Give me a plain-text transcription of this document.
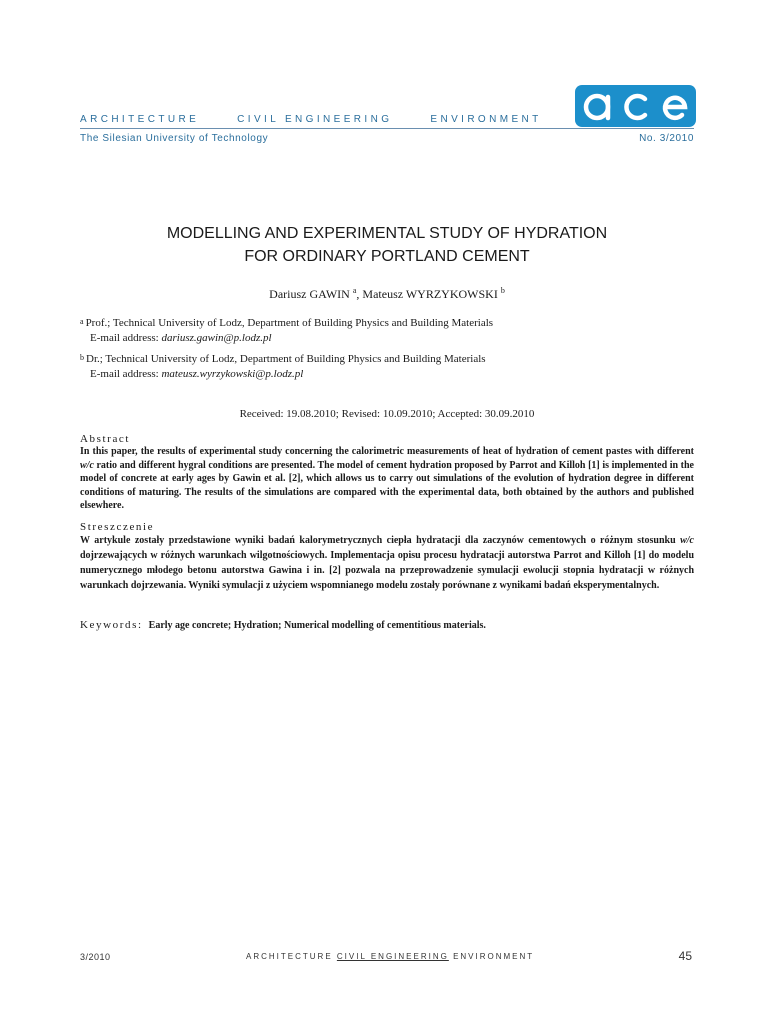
ARCHITECTURE	CIVIL ENGINEERING	ENVIRONMENT
The Silesian University of Technology	No. 3/2010
MODELLING AND EXPERIMENTAL STUDY OF HYDRATION
FOR ORDINARY PORTLAND CEMENT
Dariusz GAWIN $^a$, Mateusz WYRZYKOWSKI $^b$
$^a$ Prof.; Technical University of Lodz, Department of Building Physics and Building Materials
E-mail address: dariusz.gawin@p.lodz.pl
$^b$ Dr.; Technical University of Lodz, Department of Building Physics and Building Materials
E-mail address: mateusz.wyrzykowski@p.lodz.pl
Received: 19.08.2010; Revised: 10.09.2010; Accepted: 30.09.2010
Abstract
In this paper, the results of experimental study concerning the calorimetric measurements of heat of hydration of cement pastes with different w/c ratio and different hygral conditions are presented. The model of cement hydration proposed by Parrot and Killoh [1] is implemented in the model of concrete at early ages by Gawin et al. [2], which allows us to carry out simulations of the evolution of hydration degree in different conditions of maturing. The results of the simulations are compared with the experimental data, both obtained by the authors and published elsewhere.
Streszczenie
W artykule zostały przedstawione wyniki badań kalorymetrycznych ciepła hydratacji dla zaczynów cementowych o różnym stosunku w/c dojrzewających w różnych warunkach wilgotnościowych. Implementacja opisu procesu hydratacji autorstwa Parrot and Killoh [1] do modelu numerycznego młodego betonu autorstwa Gawina i in. [2] pozwala na przeprowadzenie symulacji ewolucji stopnia hydratacji w różnych warunkach dojrzewania. Wyniki symulacji z użyciem wspomnianego modelu zostały porównane z wynikami badań eksperymentalnych.
Keywords: Early age concrete; Hydration; Numerical modelling of cementitious materials.
3/2010	ARCHITECTURE CIVIL ENGINEERING ENVIRONMENT	45
